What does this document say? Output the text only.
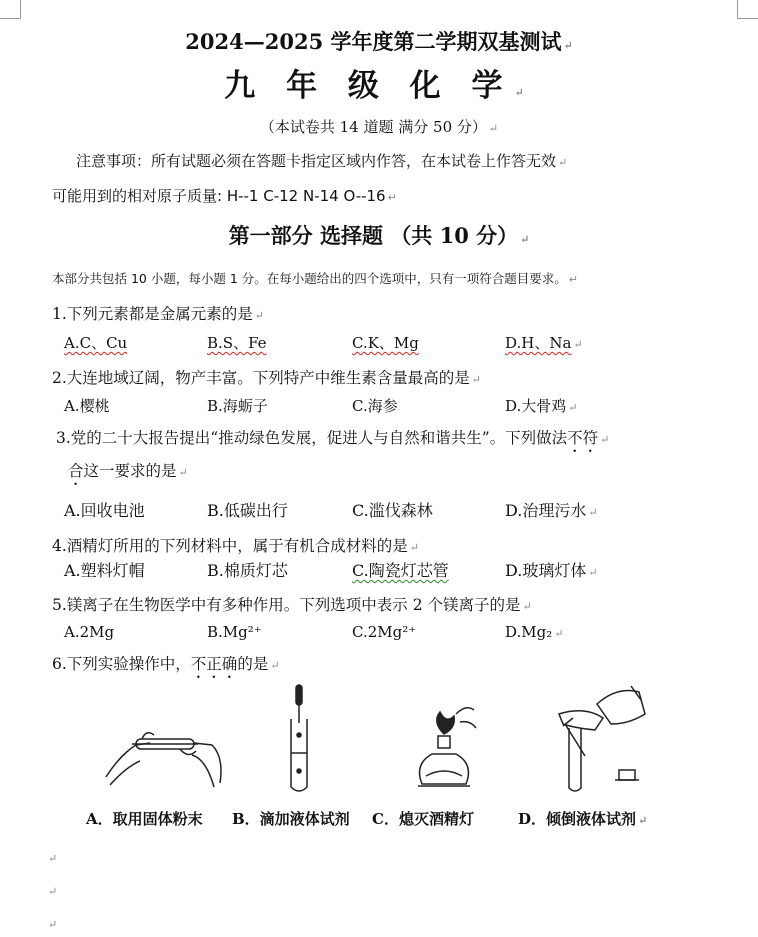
2024—2025 学年度第二学期双基测试 ↵
九 年 级 化 学 ↵
（本试卷共 14 道题 满分 50 分） ↵
注意事项：所有试题必须在答题卡指定区域内作答，在本试卷上作答无效 ↵
可能用到的相对原子质量: H--1 C-12 N-14 O--16 ↵
第一部分 选择题 （共 10 分） ↵
本部分共包括 10 小题，每小题 1 分。在每小题给出的四个选项中，只有一项符合题目要求。 ↵
1.下列元素都是金属元素的是 ↵
A.C、Cu	B.S、Fe	C.K、Mg	D.H、Na ↵
2.大连地域辽阔，物产丰富。下列特产中维生素含量最高的是 ↵
A.樱桃	B.海蛎子	C.海参	D.大骨鸡 ↵
3.党的二十大报告提出“推动绿色发展，促进人与自然和谐共生”。下列做法不符 ↵
合这一要求的是 ↵
A.回收电池	B.低碳出行	C.滥伐森林	D.治理污水 ↵
4.酒精灯所用的下列材料中，属于有机合成材料的是 ↵
A.塑料灯帽	B.棉质灯芯	C.陶瓷灯芯管	D.玻璃灯体 ↵
5.镁离子在生物医学中有多种作用。下列选项中表示 2 个镁离子的是 ↵
A.2Mg	B.Mg²⁺	C.2Mg²⁺	D.Mg₂ ↵
6.下列实验操作中，不正确的是 ↵
A．取用固体粉末 B．滴加液体试剂 C．熄灭酒精灯	D．倾倒液体试剂 ↵
↵
↵
↵
